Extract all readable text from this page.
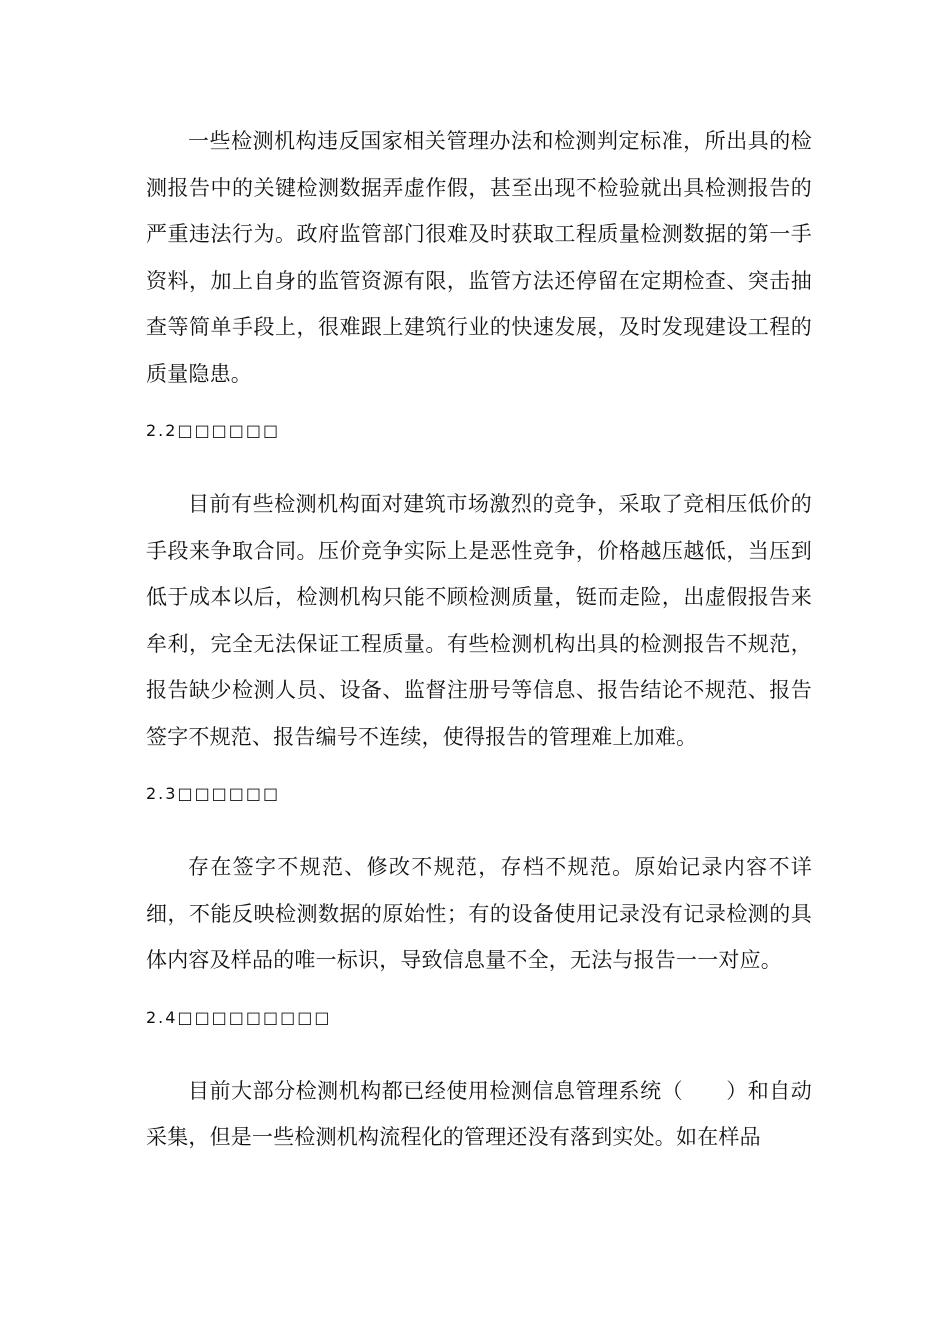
一些检测机构违反国家相关管理办法和检测判定标准，所出具的检测报告中的关键检测数据弄虚作假，甚至出现不检验就出具检测报告的严重违法行为。政府监管部门很难及时获取工程质量检测数据的第一手资料，加上自身的监管资源有限，监管方法还停留在定期检查、突击抽查等简单手段上，很难跟上建筑行业的快速发展，及时发现建设工程的质量隐患。

2.2□□□□□□

目前有些检测机构面对建筑市场激烈的竞争，采取了竞相压低价的手段来争取合同。压价竞争实际上是恶性竞争，价格越压越低，当压到低于成本以后，检测机构只能不顾检测质量，铤而走险，出虚假报告来牟利，完全无法保证工程质量。有些检测机构出具的检测报告不规范，报告缺少检测人员、设备、监督注册号等信息、报告结论不规范、报告签字不规范、报告编号不连续，使得报告的管理难上加难。

2.3□□□□□□

存在签字不规范、修改不规范，存档不规范。原始记录内容不详细，不能反映检测数据的原始性；有的设备使用记录没有记录检测的具体内容及样品的唯一标识，导致信息量不全，无法与报告一一对应。

2.4□□□□□□□□□

目前大部分检测机构都已经使用检测信息管理系统（　　）和自动采集，但是一些检测机构流程化的管理还没有落到实处。如在样品
